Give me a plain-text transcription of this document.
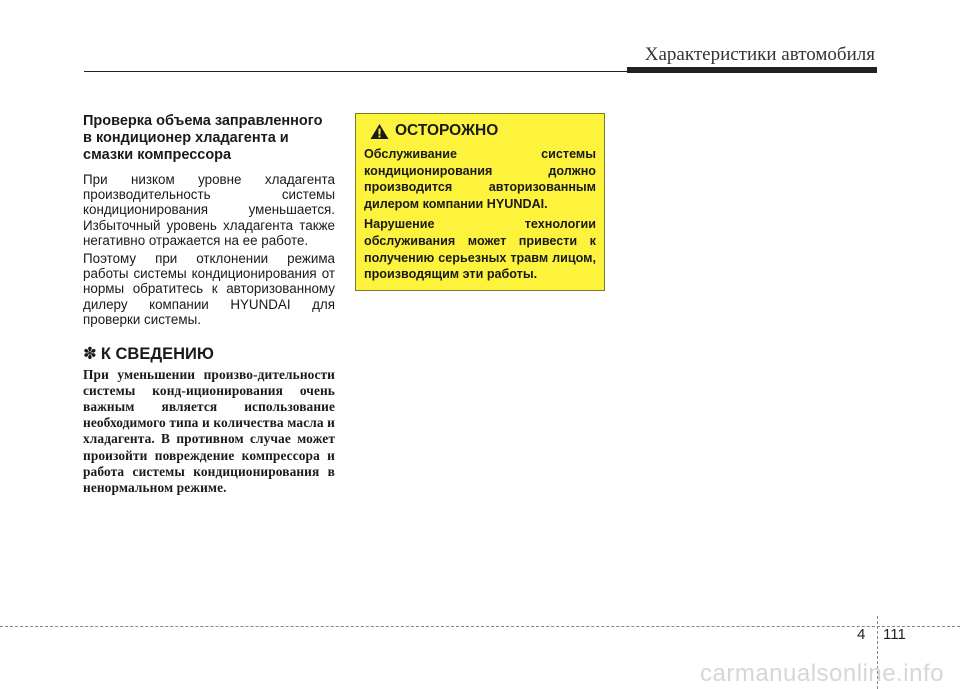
Характеристики автомобиля
Проверка объема заправленного
в кондиционер хладагента и
смазки компрессора

При низком уровне хладагента производительность системы кондиционирования уменьшается. Избыточный уровень хладагента также негативно отражается на ее работе.

Поэтому при отклонении режима работы системы кондиционирования от нормы обратитесь к авторизованному дилеру компании HYUNDAI для проверки системы.

✽ К СВЕДЕНИЮ
При уменьшении произво-дительности системы конд-иционирования очень важным является использование необходимого типа и количества масла и хладагента. В противном случае может произойти повреждение компрессора и работа системы кондиционирования в ненормальном режиме.
ОСТОРОЖНО

Обслуживание системы кондиционирования должно производится авторизованным дилером компании HYUNDAI.

Нарушение технологии обслуживания может привести к получению серьезных травм лицом, производящим эти работы.

4 111
carmanualsonline.info
